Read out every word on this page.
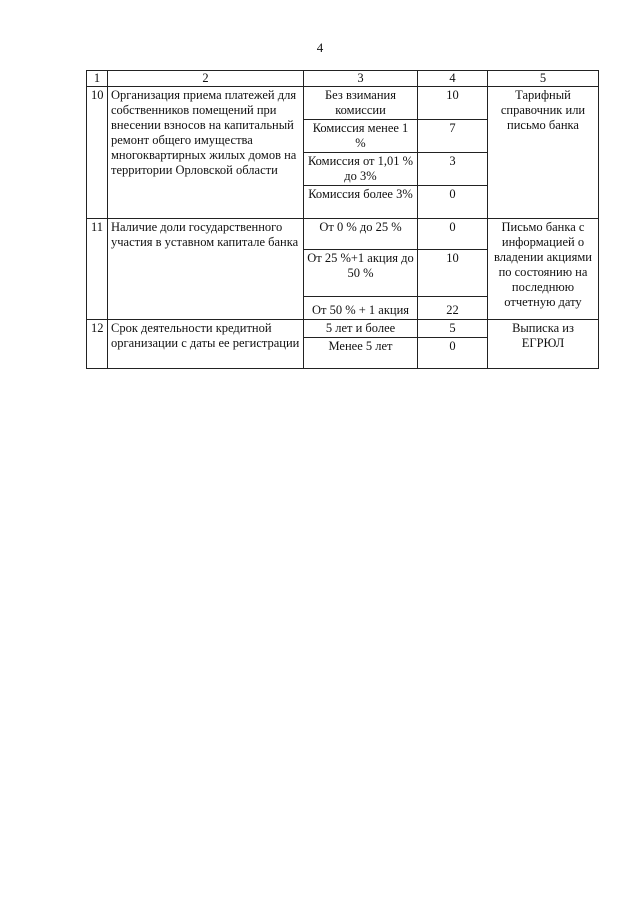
4
1	2	3	4	5
10	Организация приема платежей для собственников помещений при внесении взносов на капитальный ремонт общего имущества многоквартирных жилых домов на территории Орловской области	Без взимания комиссии	10	Тарифный справочник или письмо банка
		Комиссия менее 1 %	7	
		Комиссия от 1,01 % до 3%	3	
		Комиссия более 3%	0	
11	Наличие доли государственного участия в уставном капитале банка	От 0 % до 25 %	0	Письмо банка с информацией о владении акциями по состоянию на последнюю отчетную дату
		От 25 %+1 акция до 50 %	10	
		От 50 % + 1 акция	22	
12	Срок деятельности кредитной организации с даты ее регистрации	5 лет и более	5	Выписка из ЕГРЮЛ
		Менее 5 лет	0	
